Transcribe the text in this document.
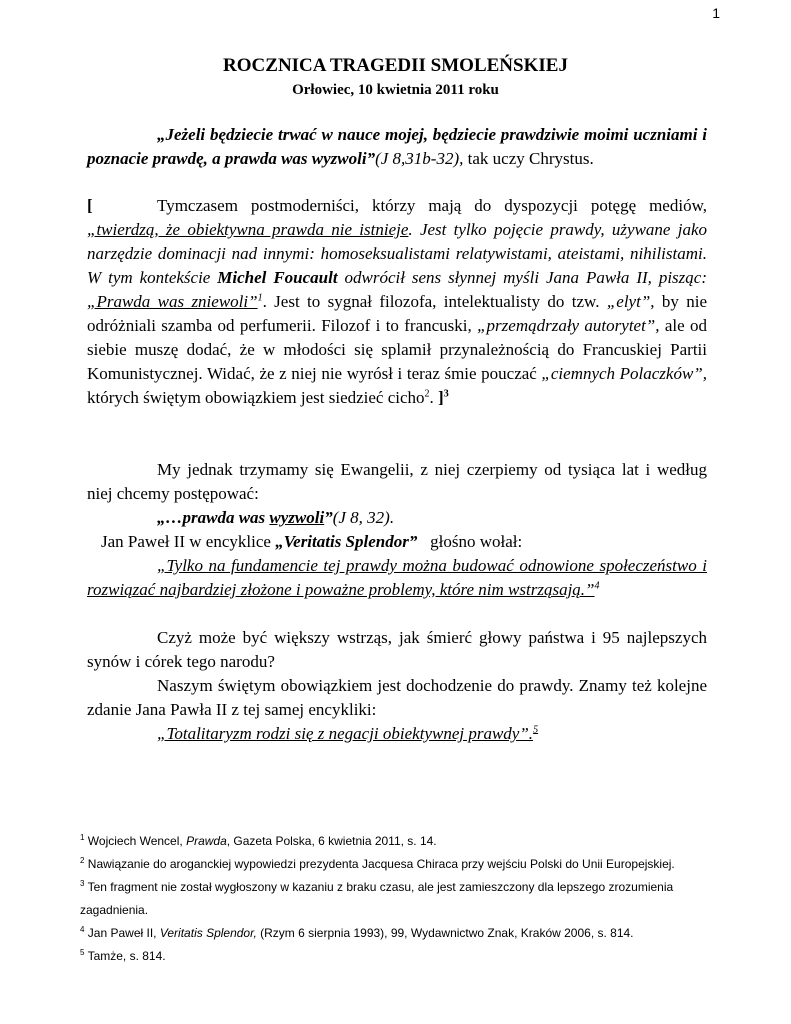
1
ROCZNICA TRAGEDII SMOLEŃSKIEJ
Orłowiec, 10 kwietnia 2011 roku

„Jeżeli będziecie trwać w nauce mojej, będziecie prawdziwie moimi uczniami i poznacie prawdę, a prawda was wyzwoli”(J 8,31b-32), tak uczy Chrystus.

[	Tymczasem postmoderniści, którzy mają do dyspozycji potęgę mediów, „twierdzą, że obiektywna prawda nie istnieje. Jest tylko pojęcie prawdy, używane jako narzędzie dominacji nad innymi: homoseksualistami relatywistami, ateistami, nihilistami. W tym kontekście Michel Foucault odwrócił sens słynnej myśli Jana Pawła II, pisząc: „Prawda was zniewoli”$^1$. Jest to sygnał filozofa, intelektualisty do tzw. „elyt”, by nie odróżniali szamba od perfumerii. Filozof i to francuski, „przemądrzały autorytet”, ale od siebie muszę dodać, że w młodości się splamił przynależnością do Francuskiej Partii Komunistycznej. Widać, że z niej nie wyrósł i teraz śmie pouczać „ciemnych Polaczków”, których świętym obowiązkiem jest siedzieć cicho$^2$. ]$^3$

My jednak trzymamy się Ewangelii, z niej czerpiemy od tysiąca lat i według niej chcemy postępować:

„…prawda was wyzwoli”(J 8, 32).
Jan Paweł II w encyklice „Veritatis Splendor”   głośno wołał:

„Tylko na fundamencie tej prawdy można budować odnowione społeczeństwo i rozwiązać najbardziej złożone i poważne problemy, które nim wstrząsają.”$^4$

Czyż może być większy wstrząs, jak śmierć głowy państwa i 95 najlepszych synów i córek tego narodu?

Naszym świętym obowiązkiem jest dochodzenie do prawdy. Znamy też kolejne zdanie Jana Pawła II z tej samej encykliki:

„Totalitaryzm rodzi się z negacji obiektywnej prawdy”.$^5$
$^1$ Wojciech Wencel, Prawda, Gazeta Polska, 6 kwietnia 2011, s. 14.
$^2$ Nawiązanie do aroganckiej wypowiedzi prezydenta Jacquesa Chiraca przy wejściu Polski do Unii Europejskiej.
$^3$ Ten fragment nie został wygłoszony w kazaniu z braku czasu, ale jest zamieszczony dla lepszego zrozumienia zagadnienia.
$^4$ Jan Paweł II, Veritatis Splendor, (Rzym 6 sierpnia 1993), 99, Wydawnictwo Znak, Kraków 2006, s. 814.
$^5$ Tamże, s. 814.
